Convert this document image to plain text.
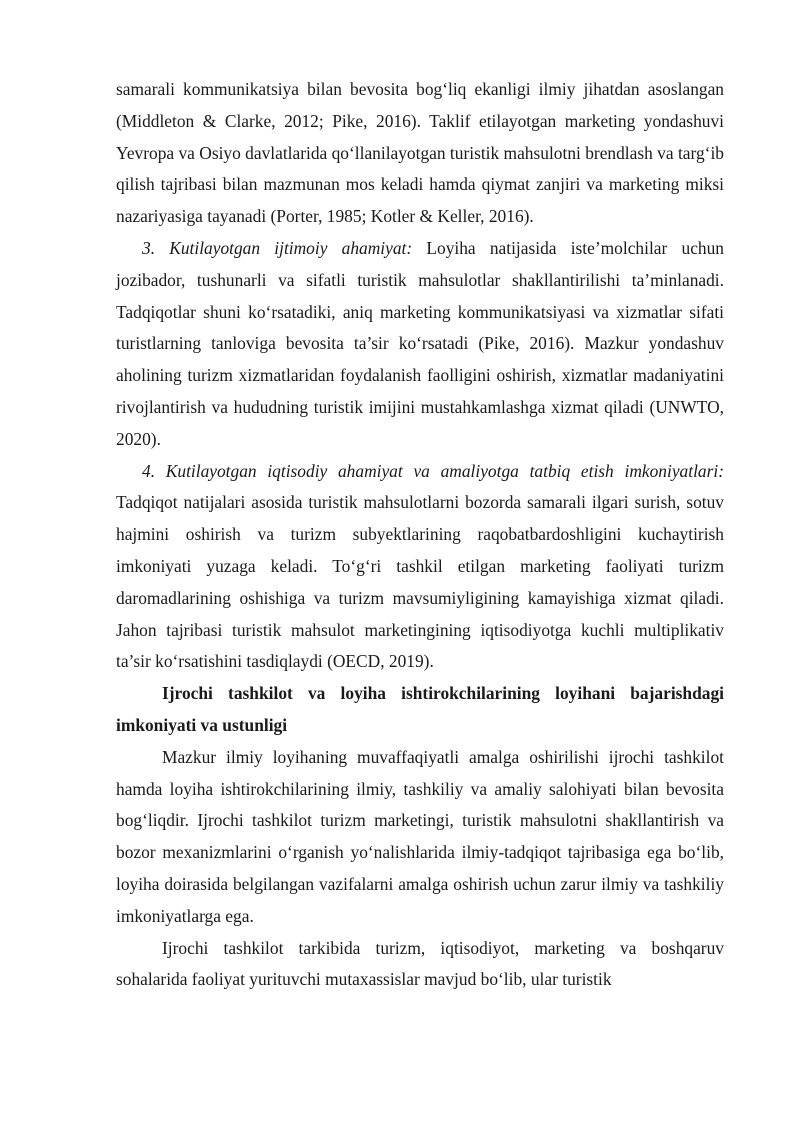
samarali kommunikatsiya bilan bevosita bog‘liq ekanligi ilmiy jihatdan asoslangan (Middleton & Clarke, 2012; Pike, 2016). Taklif etilayotgan marketing yondashuvi Yevropa va Osiyo davlatlarida qo‘llanilayotgan turistik mahsulotni brendlash va targ‘ib qilish tajribasi bilan mazmunan mos keladi hamda qiymat zanjiri va marketing miksi nazariyasiga tayanadi (Porter, 1985; Kotler & Keller, 2016).

3. Kutilayotgan ijtimoiy ahamiyat: Loyiha natijasida iste’molchilar uchun jozibador, tushunarli va sifatli turistik mahsulotlar shakllantirilishi ta’minlanadi. Tadqiqotlar shuni ko‘rsatadiki, aniq marketing kommunikatsiyasi va xizmatlar sifati turistlarning tanloviga bevosita ta’sir ko‘rsatadi (Pike, 2016). Mazkur yondashuv aholining turizm xizmatlaridan foydalanish faolligini oshirish, xizmatlar madaniyatini rivojlantirish va hududning turistik imijini mustahkamlashga xizmat qiladi (UNWTO, 2020).

4. Kutilayotgan iqtisodiy ahamiyat va amaliyotga tatbiq etish imkoniyatlari: Tadqiqot natijalari asosida turistik mahsulotlarni bozorda samarali ilgari surish, sotuv hajmini oshirish va turizm subyektlarining raqobatbardoshligini kuchaytirish imkoniyati yuzaga keladi. To‘g‘ri tashkil etilgan marketing faoliyati turizm daromadlarining oshishiga va turizm mavsumiyligining kamayishiga xizmat qiladi. Jahon tajribasi turistik mahsulot marketingining iqtisodiyotga kuchli multiplikativ ta’sir ko‘rsatishini tasdiqlaydi (OECD, 2019).

Ijrochi tashkilot va loyiha ishtirokchilarining loyihani bajarishdagi imkoniyati va ustunligi

Mazkur ilmiy loyihaning muvaffaqiyatli amalga oshirilishi ijrochi tashkilot hamda loyiha ishtirokchilarining ilmiy, tashkiliy va amaliy salohiyati bilan bevosita bog‘liqdir. Ijrochi tashkilot turizm marketingi, turistik mahsulotni shakllantirish va bozor mexanizmlarini o‘rganish yo‘nalishlarida ilmiy-tadqiqot tajribasiga ega bo‘lib, loyiha doirasida belgilangan vazifalarni amalga oshirish uchun zarur ilmiy va tashkiliy imkoniyatlarga ega.

Ijrochi tashkilot tarkibida turizm, iqtisodiyot, marketing va boshqaruv sohalarida faoliyat yurituvchi mutaxassislar mavjud bo‘lib, ular turistik
